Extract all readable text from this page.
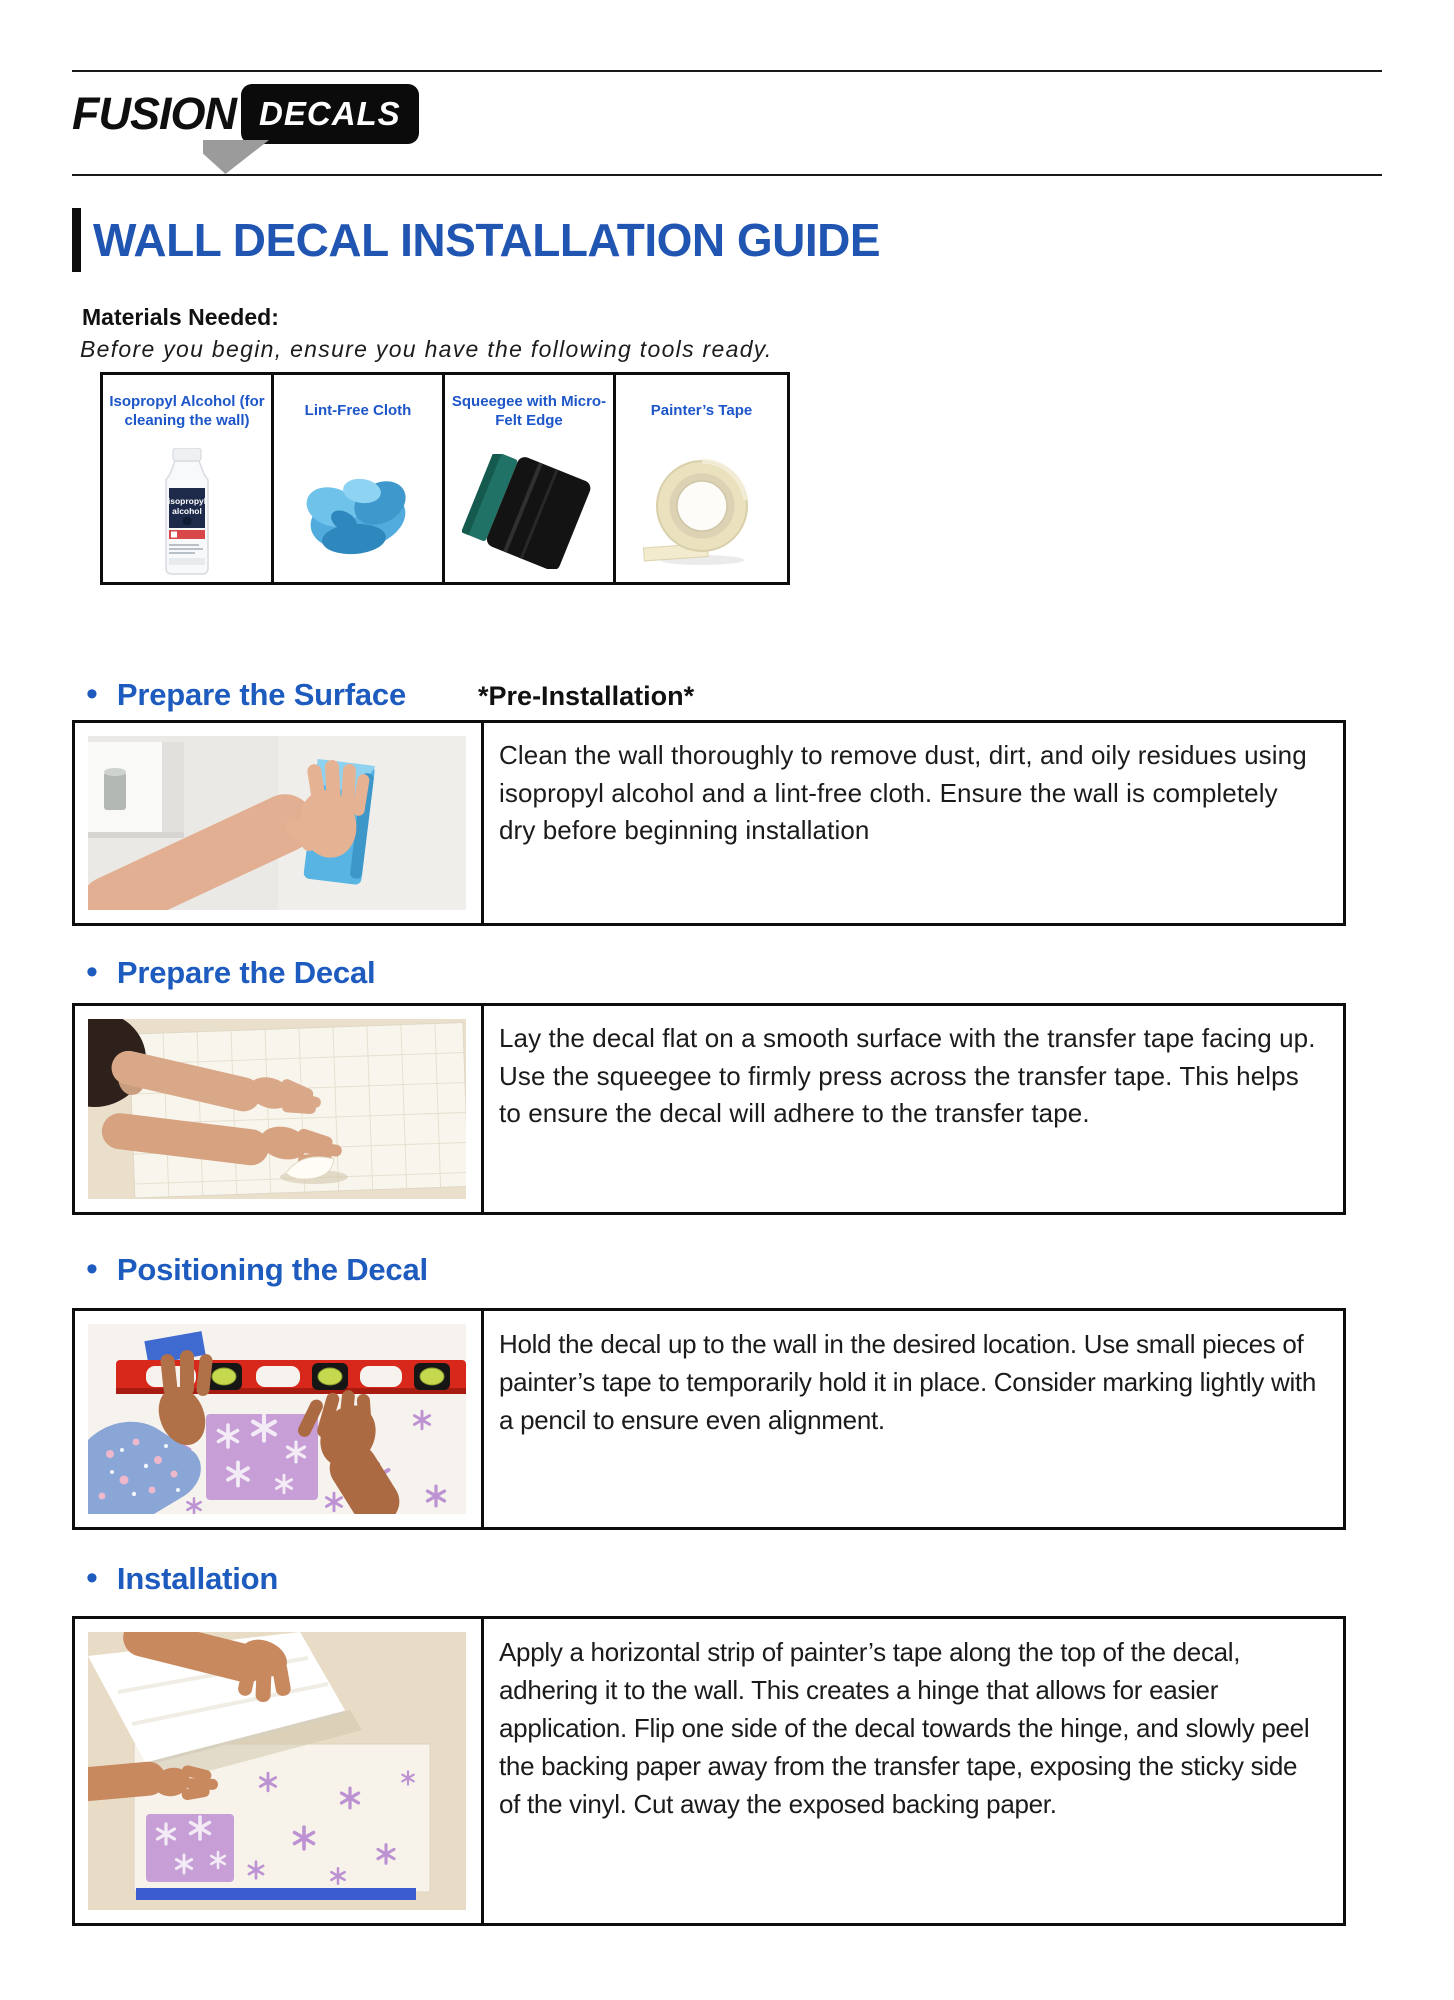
FUSION DECALS
WALL DECAL INSTALLATION GUIDE
Materials Needed:
Before you begin, ensure you have the following tools ready.
Isopropyl Alcohol (for cleaning the wall)
isopropyl
alcohol
Lint-Free Cloth
Squeegee with Micro-Felt Edge
Painter’s Tape
• Prepare the Surface	*Pre-Installation*
Clean the wall thoroughly to remove dust, dirt, and oily residues using isopropyl alcohol and a lint-free cloth. Ensure the wall is completely dry before beginning installation
• Prepare the Decal
Lay the decal flat on a smooth surface with the transfer tape facing up. Use the squeegee to firmly press across the transfer tape. This helps to ensure the decal will adhere to the transfer tape.
• Positioning the Decal
Hold the decal up to the wall in the desired location. Use small pieces of painter’s tape to temporarily hold it in place. Consider marking lightly with a pencil to ensure even alignment.
• Installation
Apply a horizontal strip of painter’s tape along the top of the decal, adhering it to the wall. This creates a hinge that allows for easier application. Flip one side of the decal towards the hinge, and slowly peel the backing paper away from the transfer tape, exposing the sticky side of the vinyl. Cut away the exposed backing paper.
